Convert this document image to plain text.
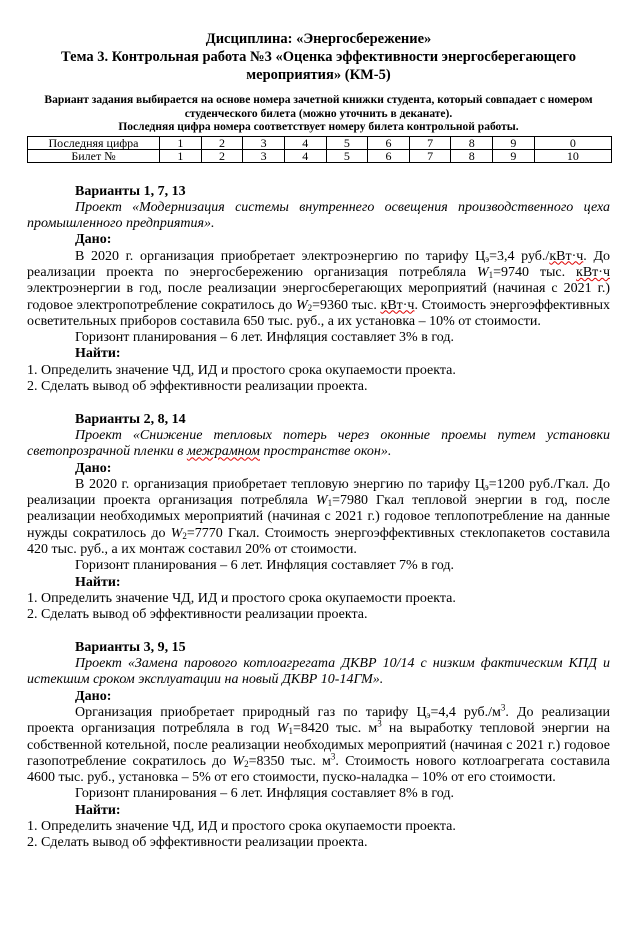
Дисциплина: «Энергосбережение»
Тема 3. Контрольная работа №3 «Оценка эффективности энергосберегающего мероприятия» (КМ-5)
Вариант задания выбирается на основе номера зачетной книжки студента, который совпадает с номером студенческого билета (можно уточнить в деканате).
Последняя цифра номера соответствует номеру билета контрольной работы.
Последняя цифра	1	2	3	4	5	6	7	8	9	0
Билет №	1	2	3	4	5	6	7	8	9	10

Варианты 1, 7, 13

Проект «Модернизация системы внутреннего освещения производственного цеха промышленного предприятия».

Дано:

В 2020 г. организация приобретает электроэнергию по тарифу $Ц_э=3,4$ руб./кВт·ч. До реализации проекта по энергосбережению организация потребляла $W_1=9740$ тыс. кВт·ч электроэнергии в год, после реализации энергосберегающих мероприятий (начиная с 2021 г.) годовое электропотребление сократилось до $W_2=9360$ тыс. кВт·ч. Стоимость энергоэффективных осветительных приборов составила 650 тыс. руб., а их установка – 10% от стоимости.

Горизонт планирования – 6 лет. Инфляция составляет 3% в год.

Найти:

1. Определить значение ЧД, ИД и простого срока окупаемости проекта.

2. Сделать вывод об эффективности реализации проекта.

Варианты 2, 8, 14

Проект «Снижение тепловых потерь через оконные проемы путем установки светопрозрачной пленки в межрамном пространстве окон».

Дано:

В 2020 г. организация приобретает тепловую энергию по тарифу $Ц_э=1200$ руб./Гкал. До реализации проекта организация потребляла $W_1=7980$ Гкал тепловой энергии в год, после реализации необходимых мероприятий (начиная с 2021 г.) годовое теплопотребление на данные нужды сократилось до $W_2=7770$ Гкал. Стоимость энергоэффективных стеклопакетов составила 420 тыс. руб., а их монтаж составил 20% от стоимости.

Горизонт планирования – 6 лет. Инфляция составляет 7% в год.

Найти:

1. Определить значение ЧД, ИД и простого срока окупаемости проекта.

2. Сделать вывод об эффективности реализации проекта.

Варианты 3, 9, 15

Проект «Замена парового котлоагрегата ДКВР 10/14 с низким фактическим КПД и истекшим сроком эксплуатации на новый ДКВР 10-14ГМ».

Дано:

Организация приобретает природный газ по тарифу $Ц_э=4,4$ $руб./м^3$. До реализации проекта организация потребляла в год $W_1=8420$ тыс. $м^3$ на выработку тепловой энергии на собственной котельной, после реализации необходимых мероприятий (начиная с 2021 г.) годовое газопотребление сократилось до $W_2=8350$ тыс. $м^3$. Стоимость нового котлоагрегата составила 4600 тыс. руб., установка – 5% от его стоимости, пуско-наладка – 10% от его стоимости.

Горизонт планирования – 6 лет. Инфляция составляет 8% в год.

Найти:

1. Определить значение ЧД, ИД и простого срока окупаемости проекта.

2. Сделать вывод об эффективности реализации проекта.
